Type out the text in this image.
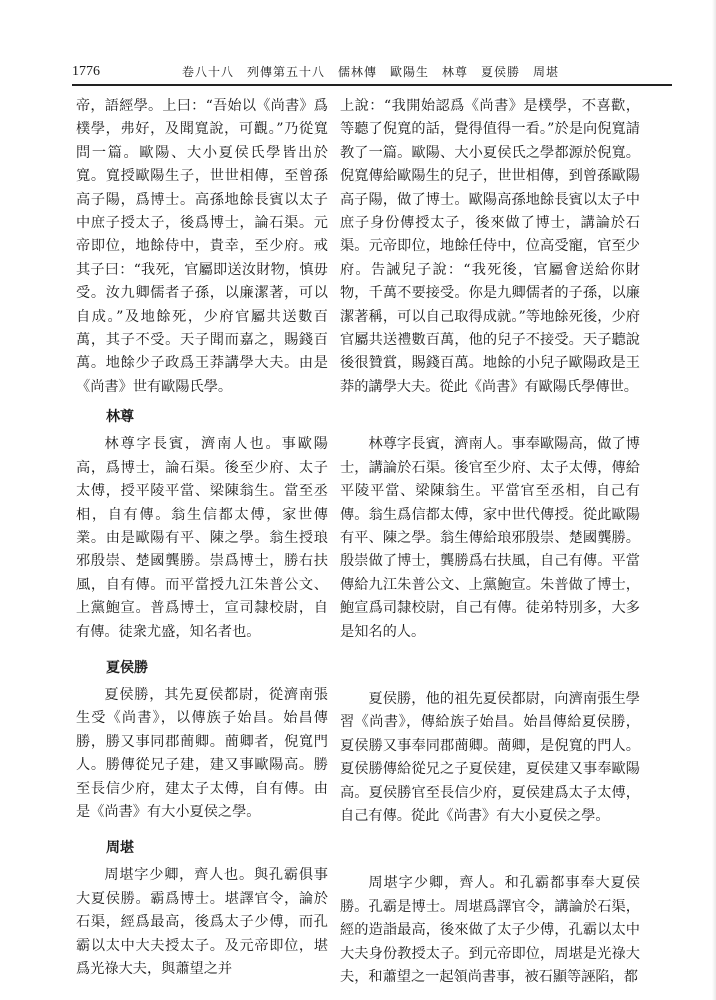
1776	卷八十八　列傳第五十八　儒林傳　歐陽生　林尊　夏侯勝　周堪

帝，語經學。上曰：“吾始以《尚書》爲樸學，弗好，及聞寬說，可觀。”乃從寬問一篇。歐陽、大小夏侯氏學皆出於寬。寬授歐陽生子，世世相傳，至曾孫高子陽，爲博士。高孫地餘長賓以太子中庶子授太子，後爲博士，論石渠。元帝即位，地餘侍中，貴幸，至少府。戒其子曰：“我死，官屬即送汝財物，慎毋受。汝九卿儒者子孫，以廉潔著，可以自成。”及地餘死，少府官屬共送數百萬，其子不受。天子聞而嘉之，賜錢百萬。地餘少子政爲王莽講學大夫。由是《尚書》世有歐陽氏學。

林尊

林尊字長賓，濟南人也。事歐陽高，爲博士，論石渠。後至少府、太子太傅，授平陵平當、梁陳翁生。當至丞相，自有傳。翁生信都太傅，家世傳業。由是歐陽有平、陳之學。翁生授琅邪殷崇、楚國龔勝。崇爲博士，勝右扶風，自有傳。而平當授九江朱普公文、上黨鮑宣。普爲博士，宣司隸校尉，自有傳。徒衆尤盛，知名者也。

夏侯勝

夏侯勝，其先夏侯都尉，從濟南張生受《尚書》，以傳族子始昌。始昌傳勝，勝又事同郡蕳卿。蕳卿者，倪寬門人。勝傳從兄子建，建又事歐陽高。勝至長信少府，建太子太傅，自有傳。由是《尚書》有大小夏侯之學。

周堪

周堪字少卿，齊人也。與孔霸俱事大夏侯勝。霸爲博士。堪譯官令，論於石渠，經爲最高，後爲太子少傅，而孔霸以太中大夫授太子。及元帝即位，堪爲光祿大夫，與蕭望之并

上說：“我開始認爲《尚書》是樸學，不喜歡，等聽了倪寬的話，覺得值得一看。”於是向倪寬請教了一篇。歐陽、大小夏侯氏之學都源於倪寬。倪寬傳給歐陽生的兒子，世世相傳，到曾孫歐陽高子陽，做了博士。歐陽高孫地餘長賓以太子中庶子身份傳授太子，後來做了博士，講論於石渠。元帝即位，地餘任侍中，位高受寵，官至少府。告誡兒子說：“我死後，官屬會送給你財物，千萬不要接受。你是九卿儒者的子孫，以廉潔著稱，可以自己取得成就。”等地餘死後，少府官屬共送禮數百萬，他的兒子不接受。天子聽說後很贊賞，賜錢百萬。地餘的小兒子歐陽政是王莽的講學大夫。從此《尚書》有歐陽氏學傳世。

林尊字長賓，濟南人。事奉歐陽高，做了博士，講論於石渠。後官至少府、太子太傅，傳給平陵平當、梁陳翁生。平當官至丞相，自己有傳。翁生爲信都太傅，家中世代傳授。從此歐陽有平、陳之學。翁生傳給琅邪殷崇、楚國龔勝。殷崇做了博士，龔勝爲右扶風，自己有傳。平當傳給九江朱普公文、上黨鮑宣。朱普做了博士，鮑宣爲司隸校尉，自己有傳。徒弟特別多，大多是知名的人。

夏侯勝，他的祖先夏侯都尉，向濟南張生學習《尚書》，傳給族子始昌。始昌傳給夏侯勝，夏侯勝又事奉同郡蕳卿。蕳卿，是倪寬的門人。夏侯勝傳給從兄之子夏侯建，夏侯建又事奉歐陽高。夏侯勝官至長信少府，夏侯建爲太子太傅，自己有傳。從此《尚書》有大小夏侯之學。

周堪字少卿，齊人。和孔霸都事奉大夏侯勝。孔霸是博士。周堪爲譯官令，講論於石渠，經的造詣最高，後來做了太子少傅，孔霸以太中大夫身份教授太子。到元帝即位，周堪是光祿大夫，和蕭望之一起領尚書事，被石顯等誣陷，都
